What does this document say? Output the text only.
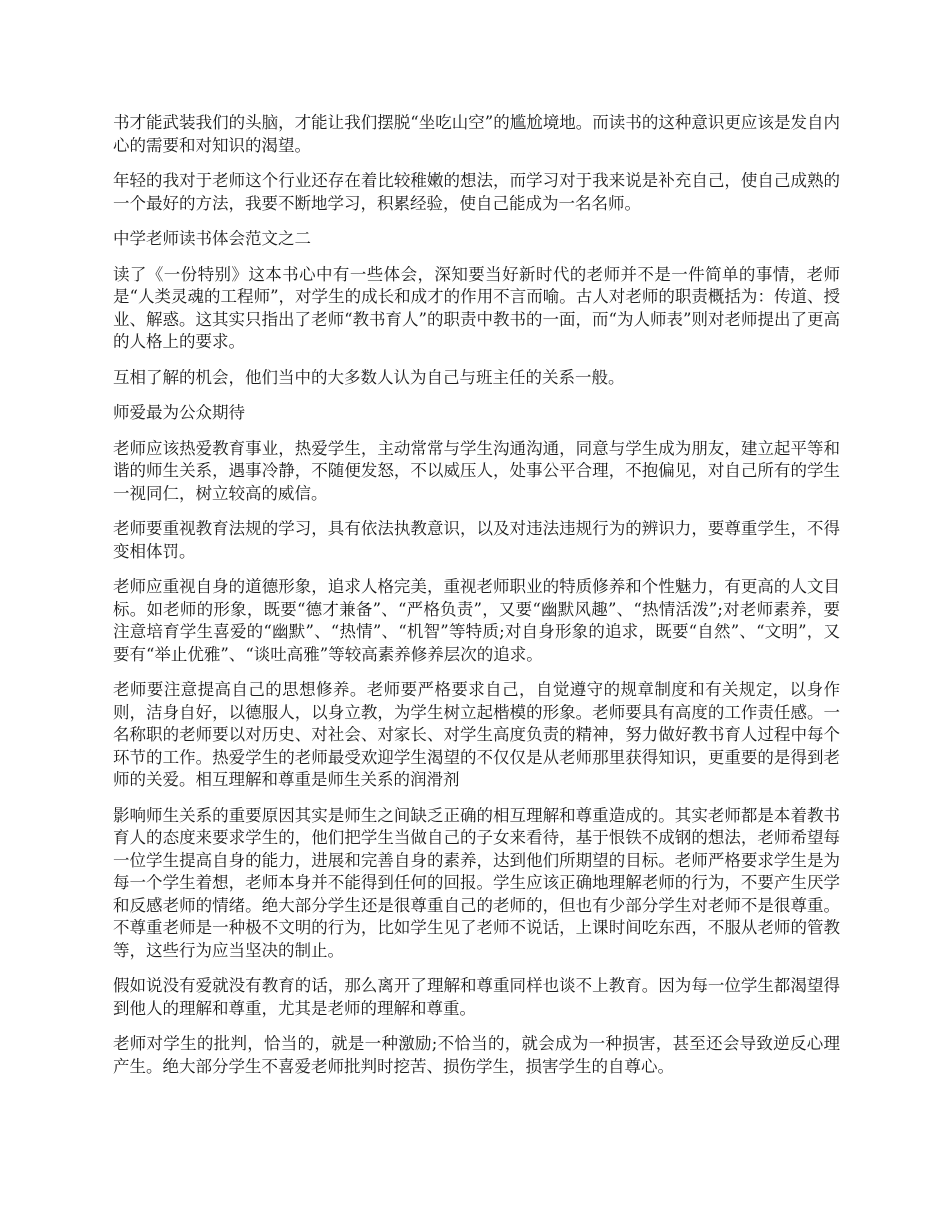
书才能武装我们的头脑，才能让我们摆脱“坐吃山空”的尴尬境地。而读书的这种意识更应该是发自内心的需要和对知识的渴望。

年轻的我对于老师这个行业还存在着比较稚嫩的想法，而学习对于我来说是补充自己，使自己成熟的一个最好的方法，我要不断地学习，积累经验，使自己能成为一名名师。

中学老师读书体会范文之二

读了《一份特别》这本书心中有一些体会，深知要当好新时代的老师并不是一件简单的事情，老师是“人类灵魂的工程师”，对学生的成长和成才的作用不言而喻。古人对老师的职责概括为：传道、授业、解惑。这其实只指出了老师“教书育人”的职责中教书的一面，而“为人师表”则对老师提出了更高的人格上的要求。

互相了解的机会，他们当中的大多数人认为自己与班主任的关系一般。

师爱最为公众期待

老师应该热爱教育事业，热爱学生，主动常常与学生沟通沟通，同意与学生成为朋友，建立起平等和谐的师生关系，遇事冷静，不随便发怒，不以威压人，处事公平合理，不抱偏见，对自己所有的学生一视同仁，树立较高的威信。

老师要重视教育法规的学习，具有依法执教意识，以及对违法违规行为的辨识力，要尊重学生，不得变相体罚。

老师应重视自身的道德形象，追求人格完美，重视老师职业的特质修养和个性魅力，有更高的人文目标。如老师的形象，既要“德才兼备”、“严格负责”，又要“幽默风趣”、“热情活泼”;对老师素养，要注意培育学生喜爱的“幽默”、“热情”、“机智”等特质;对自身形象的追求，既要“自然”、“文明”，又要有“举止优雅”、“谈吐高雅”等较高素养修养层次的追求。

老师要注意提高自己的思想修养。老师要严格要求自己，自觉遵守的规章制度和有关规定，以身作则，洁身自好，以德服人，以身立教，为学生树立起楷模的形象。老师要具有高度的工作责任感。一名称职的老师要以对历史、对社会、对家长、对学生高度负责的精神，努力做好教书育人过程中每个环节的工作。热爱学生的老师最受欢迎学生渴望的不仅仅是从老师那里获得知识，更重要的是得到老师的关爱。相互理解和尊重是师生关系的润滑剂

影响师生关系的重要原因其实是师生之间缺乏正确的相互理解和尊重造成的。其实老师都是本着教书育人的态度来要求学生的，他们把学生当做自己的子女来看待，基于恨铁不成钢的想法，老师希望每一位学生提高自身的能力，进展和完善自身的素养，达到他们所期望的目标。老师严格要求学生是为每一个学生着想，老师本身并不能得到任何的回报。学生应该正确地理解老师的行为，不要产生厌学和反感老师的情绪。绝大部分学生还是很尊重自己的老师的，但也有少部分学生对老师不是很尊重。不尊重老师是一种极不文明的行为，比如学生见了老师不说话，上课时间吃东西，不服从老师的管教等，这些行为应当坚决的制止。

假如说没有爱就没有教育的话，那么离开了理解和尊重同样也谈不上教育。因为每一位学生都渴望得到他人的理解和尊重，尤其是老师的理解和尊重。

老师对学生的批判，恰当的，就是一种激励;不恰当的，就会成为一种损害，甚至还会导致逆反心理产生。绝大部分学生不喜爱老师批判时挖苦、损伤学生，损害学生的自尊心。
